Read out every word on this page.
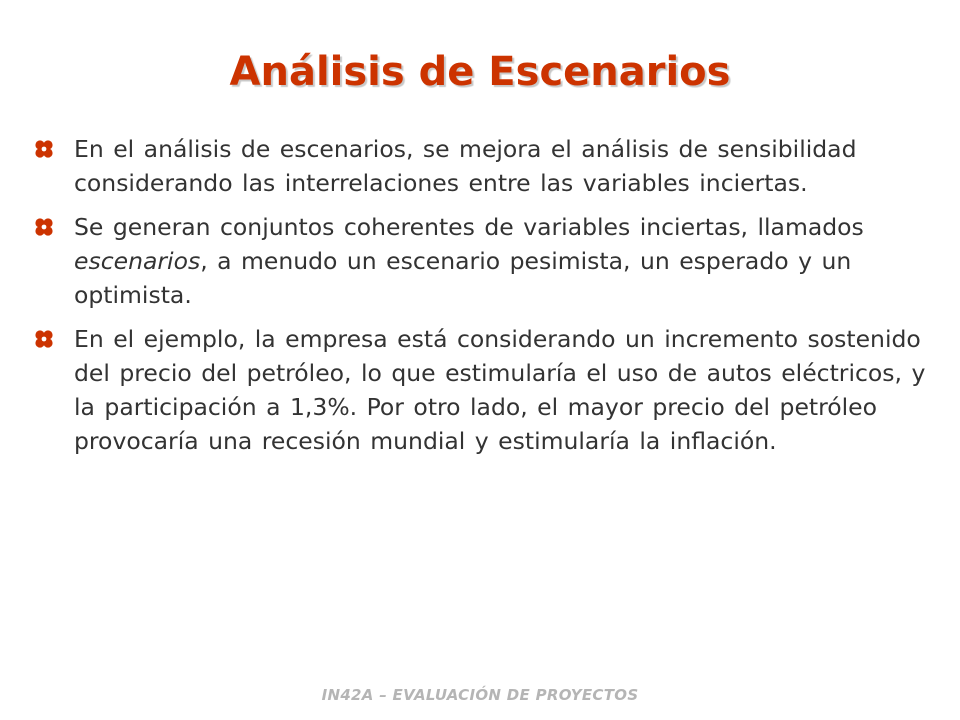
Análisis de Escenarios
En el análisis de escenarios, se mejora el análisis de sensibilidad considerando las interrelaciones entre las variables inciertas.
Se generan conjuntos coherentes de variables inciertas, llamados escenarios, a menudo un escenario pesimista, un esperado y un optimista.
En el ejemplo, la empresa está considerando un incremento sostenido del precio del petróleo, lo que estimularía el uso de autos eléctricos, y la participación a 1,3%. Por otro lado, el mayor precio del petróleo provocaría una recesión mundial y estimularía la inflación.
IN42A – EVALUACIÓN DE PROYECTOS
